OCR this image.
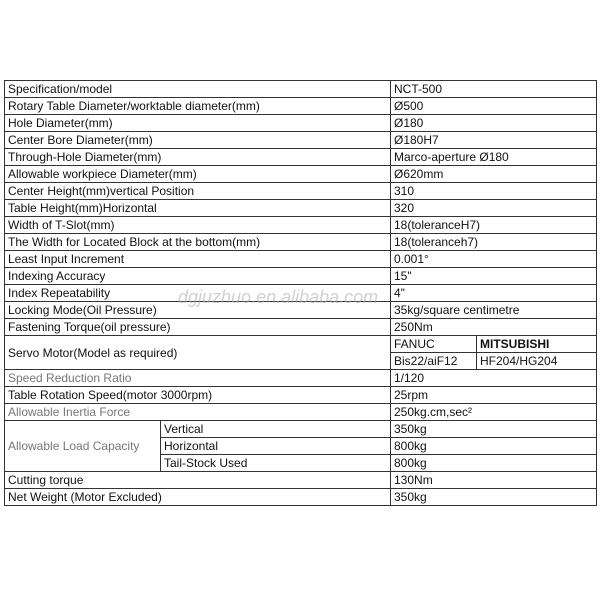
Specification/model		NCT-500	
Rotary Table Diameter/worktable diameter(mm)		Ø500	
Hole Diameter(mm)		Ø180	
Center Bore Diameter(mm)		Ø180H7	
Through-Hole Diameter(mm)		Marco-aperture Ø180	
Allowable workpiece Diameter(mm)		Ø620mm	
Center Height(mm)vertical Position		310	
Table Height(mm)Horizontal		320	
Width of T-Slot(mm)		18(toleranceH7)	
The Width for Located Block at the bottom(mm)		18(toleranceh7)	
Least Input Increment		0.001°	
Indexing Accuracy		15"	
Index Repeatability		4"	
Locking Mode(Oil Pressure)		35kg/square centimetre	
Fastening Torque(oil pressure)		250Nm	
Servo Motor(Model as required)		FANUC	MITSUBISHI
		Bis22/aiF12	HF204/HG204
Speed Reduction Ratio		1/120	
Table Rotation Speed(motor 3000rpm)		25rpm	
Allowable Inertia Force		250kg.cm,sec²	
Allowable Load Capacity	Vertical	350kg	
	Horizontal	800kg	
	Tail-Stock Used	800kg	
Cutting torque		130Nm	
Net Weight (Motor Excluded)		350kg	
dgjuzhuo.en.alibaba.com
